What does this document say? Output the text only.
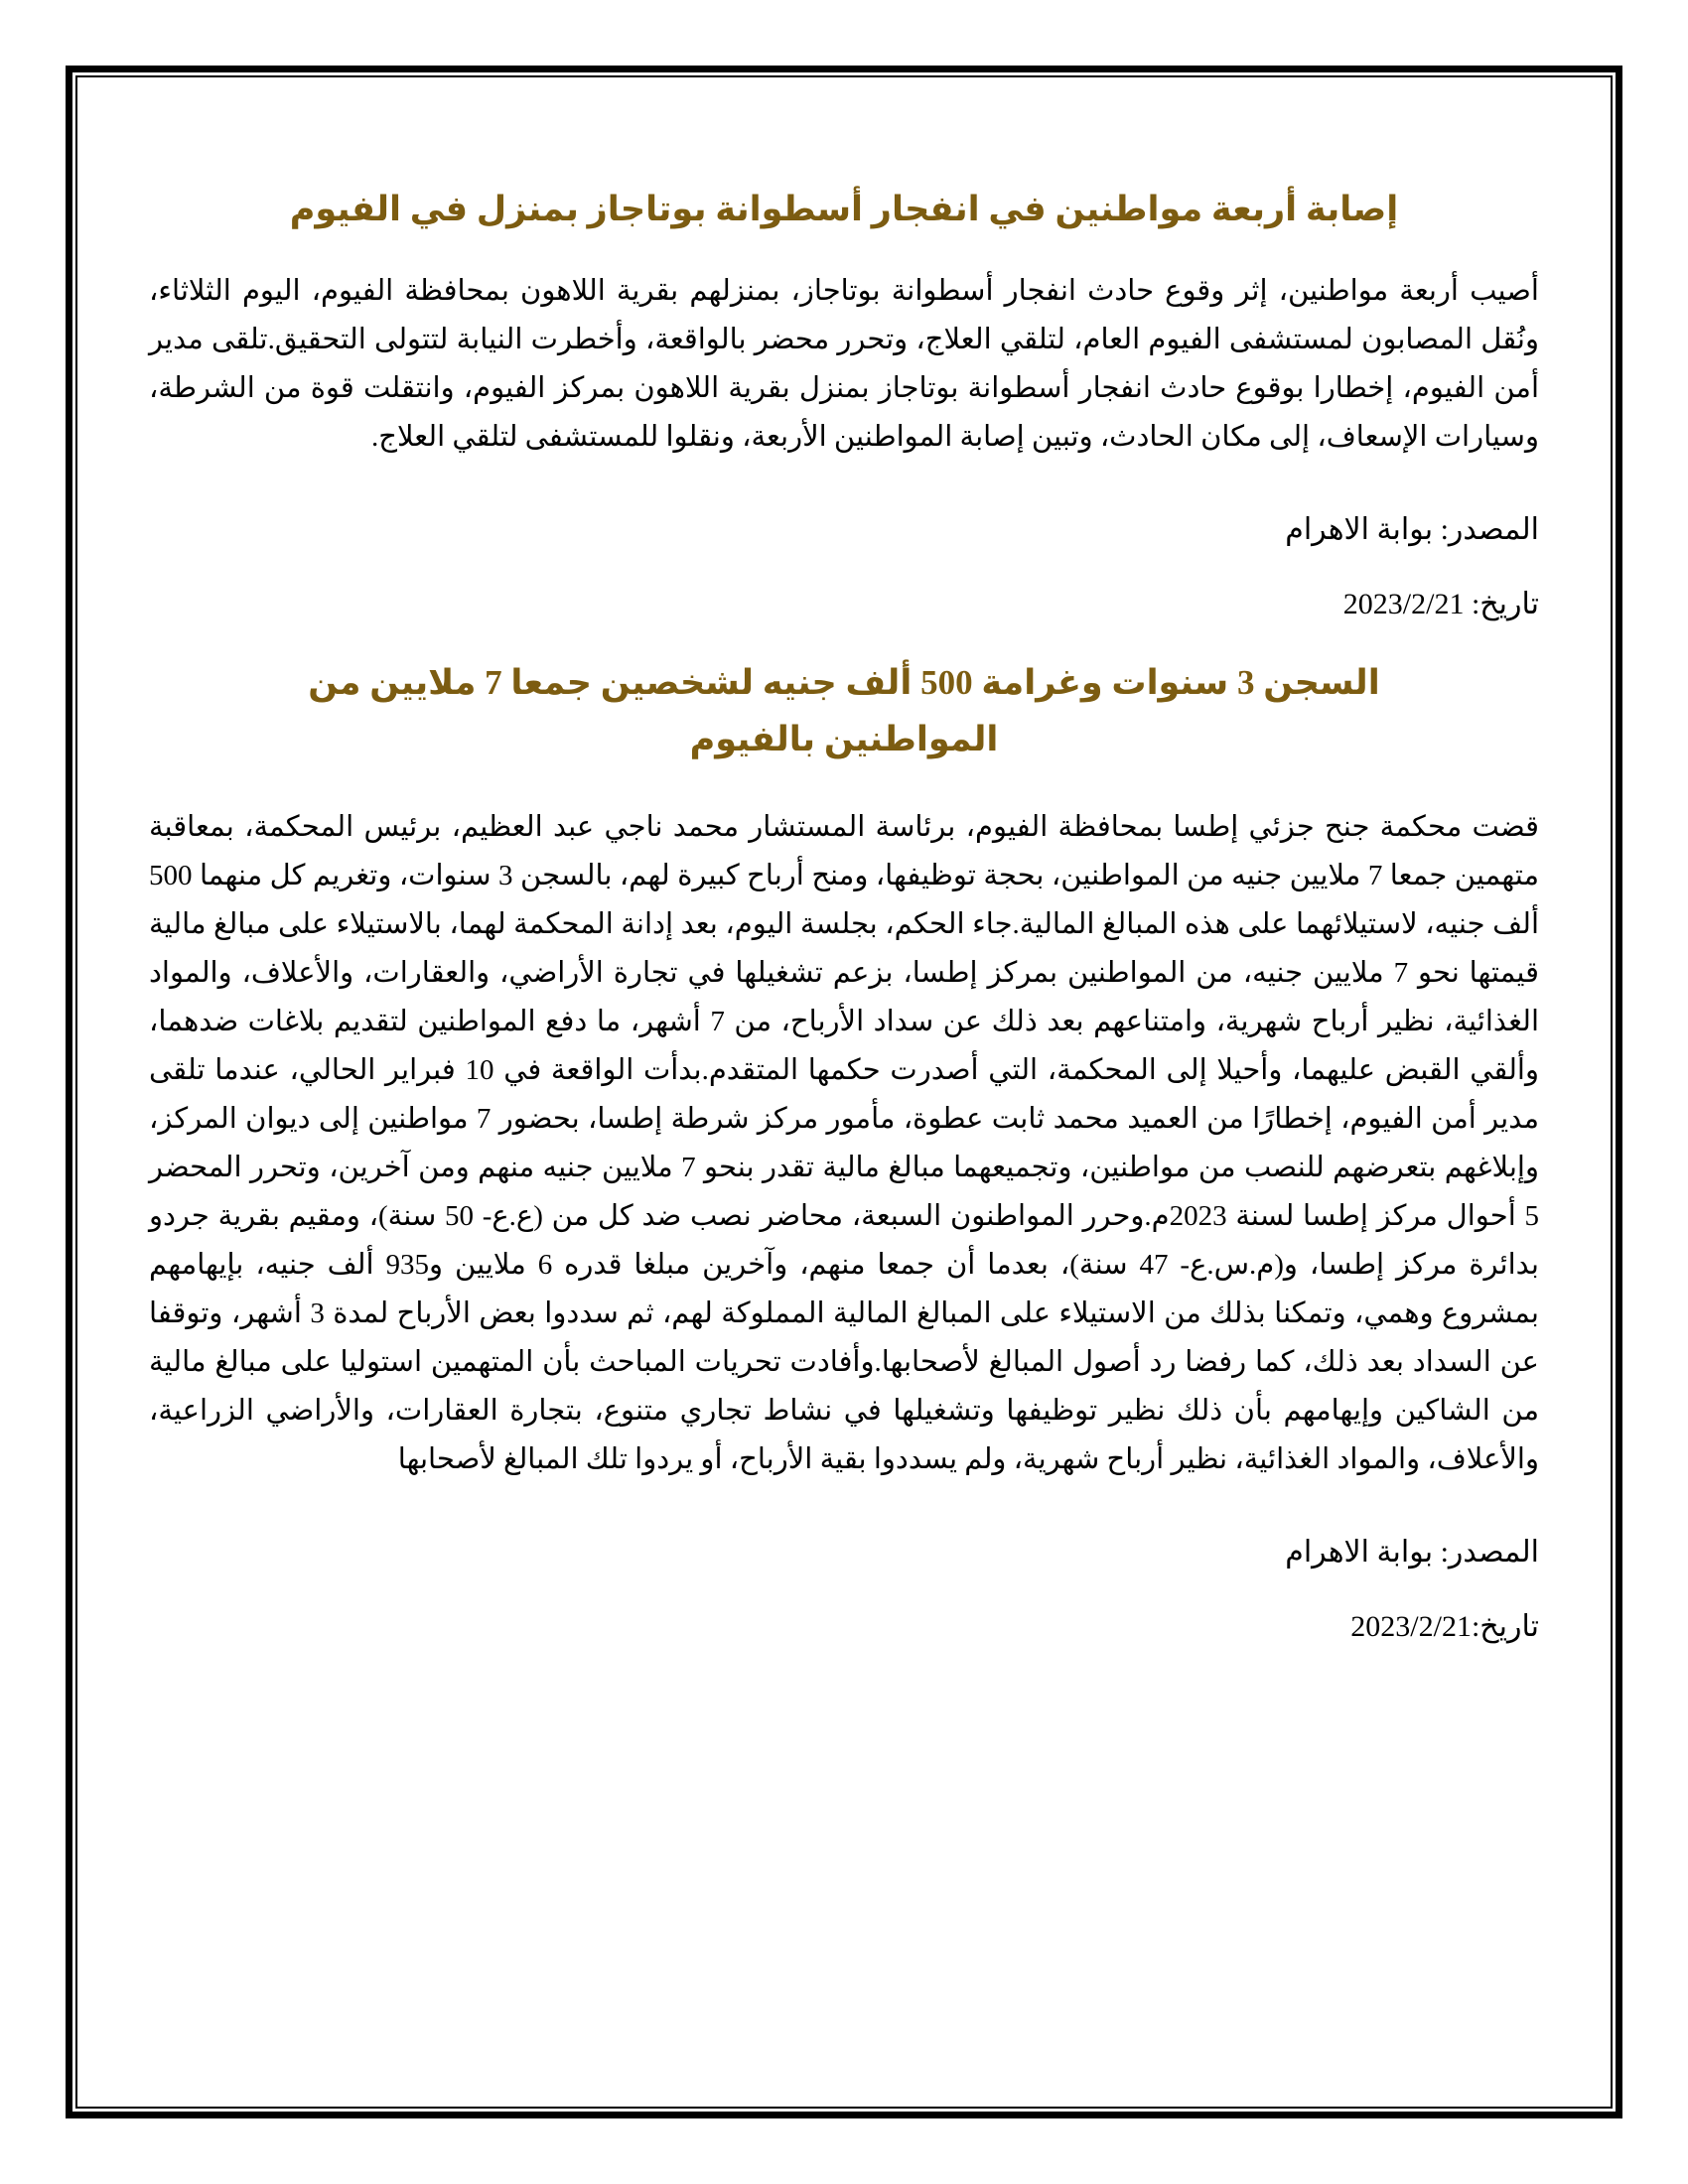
إصابة أربعة مواطنين في انفجار أسطوانة بوتاجاز بمنزل في الفيوم

أصيب أربعة مواطنين، إثر وقوع حادث انفجار أسطوانة بوتاجاز، بمنزلهم بقرية اللاهون بمحافظة الفيوم، اليوم الثلاثاء، ونُقل المصابون لمستشفى الفيوم العام، لتلقي العلاج، وتحرر محضر بالواقعة، وأخطرت النيابة لتتولى التحقيق.تلقى مدير أمن الفيوم، إخطارا بوقوع حادث انفجار أسطوانة بوتاجاز بمنزل بقرية اللاهون بمركز الفيوم، وانتقلت قوة من الشرطة، وسيارات الإسعاف، إلى مكان الحادث، وتبين إصابة المواطنين الأربعة، ونقلوا للمستشفى لتلقي العلاج.

المصدر: بوابة الاهرام

تاريخ: 2023/2/21

السجن 3 سنوات وغرامة 500 ألف جنيه لشخصين جمعا 7 ملايين من المواطنين بالفيوم

قضت محكمة جنح جزئي إطسا بمحافظة الفيوم، برئاسة المستشار محمد ناجي عبد العظيم، برئيس المحكمة، بمعاقبة متهمين جمعا 7 ملايين جنيه من المواطنين، بحجة توظيفها، ومنح أرباح كبيرة لهم، بالسجن 3 سنوات، وتغريم كل منهما 500 ألف جنيه، لاستيلائهما على هذه المبالغ المالية.جاء الحكم، بجلسة اليوم، بعد إدانة المحكمة لهما، بالاستيلاء على مبالغ مالية قيمتها نحو 7 ملايين جنيه، من المواطنين بمركز إطسا، بزعم تشغيلها في تجارة الأراضي، والعقارات، والأعلاف، والمواد الغذائية، نظير أرباح شهرية، وامتناعهم بعد ذلك عن سداد الأرباح، من 7 أشهر، ما دفع المواطنين لتقديم بلاغات ضدهما، وألقي القبض عليهما، وأحيلا إلى المحكمة، التي أصدرت حكمها المتقدم.بدأت الواقعة في 10 فبراير الحالي، عندما تلقى مدير أمن الفيوم، إخطارًا من العميد محمد ثابت عطوة، مأمور مركز شرطة إطسا، بحضور 7 مواطنين إلى ديوان المركز، وإبلاغهم بتعرضهم للنصب من مواطنين، وتجميعهما مبالغ مالية تقدر بنحو 7 ملايين جنيه منهم ومن آخرين، وتحرر المحضر 5 أحوال مركز إطسا لسنة 2023م.وحرر المواطنون السبعة، محاضر نصب ضد كل من (ع.ع- 50 سنة)، ومقيم بقرية جردو بدائرة مركز إطسا، و(م.س.ع- 47 سنة)، بعدما أن جمعا منهم، وآخرين مبلغا قدره 6 ملايين و935 ألف جنيه، بإيهامهم بمشروع وهمي، وتمكنا بذلك من الاستيلاء على المبالغ المالية المملوكة لهم، ثم سددوا بعض الأرباح لمدة 3 أشهر، وتوقفا عن السداد بعد ذلك، كما رفضا رد أصول المبالغ لأصحابها.وأفادت تحريات المباحث بأن المتهمين استوليا على مبالغ مالية من الشاكين وإيهامهم بأن ذلك نظير توظيفها وتشغيلها في نشاط تجاري متنوع، بتجارة العقارات، والأراضي الزراعية، والأعلاف، والمواد الغذائية، نظير أرباح شهرية، ولم يسددوا بقية الأرباح، أو يردوا تلك المبالغ لأصحابها

المصدر: بوابة الاهرام

تاريخ:2023/2/21
